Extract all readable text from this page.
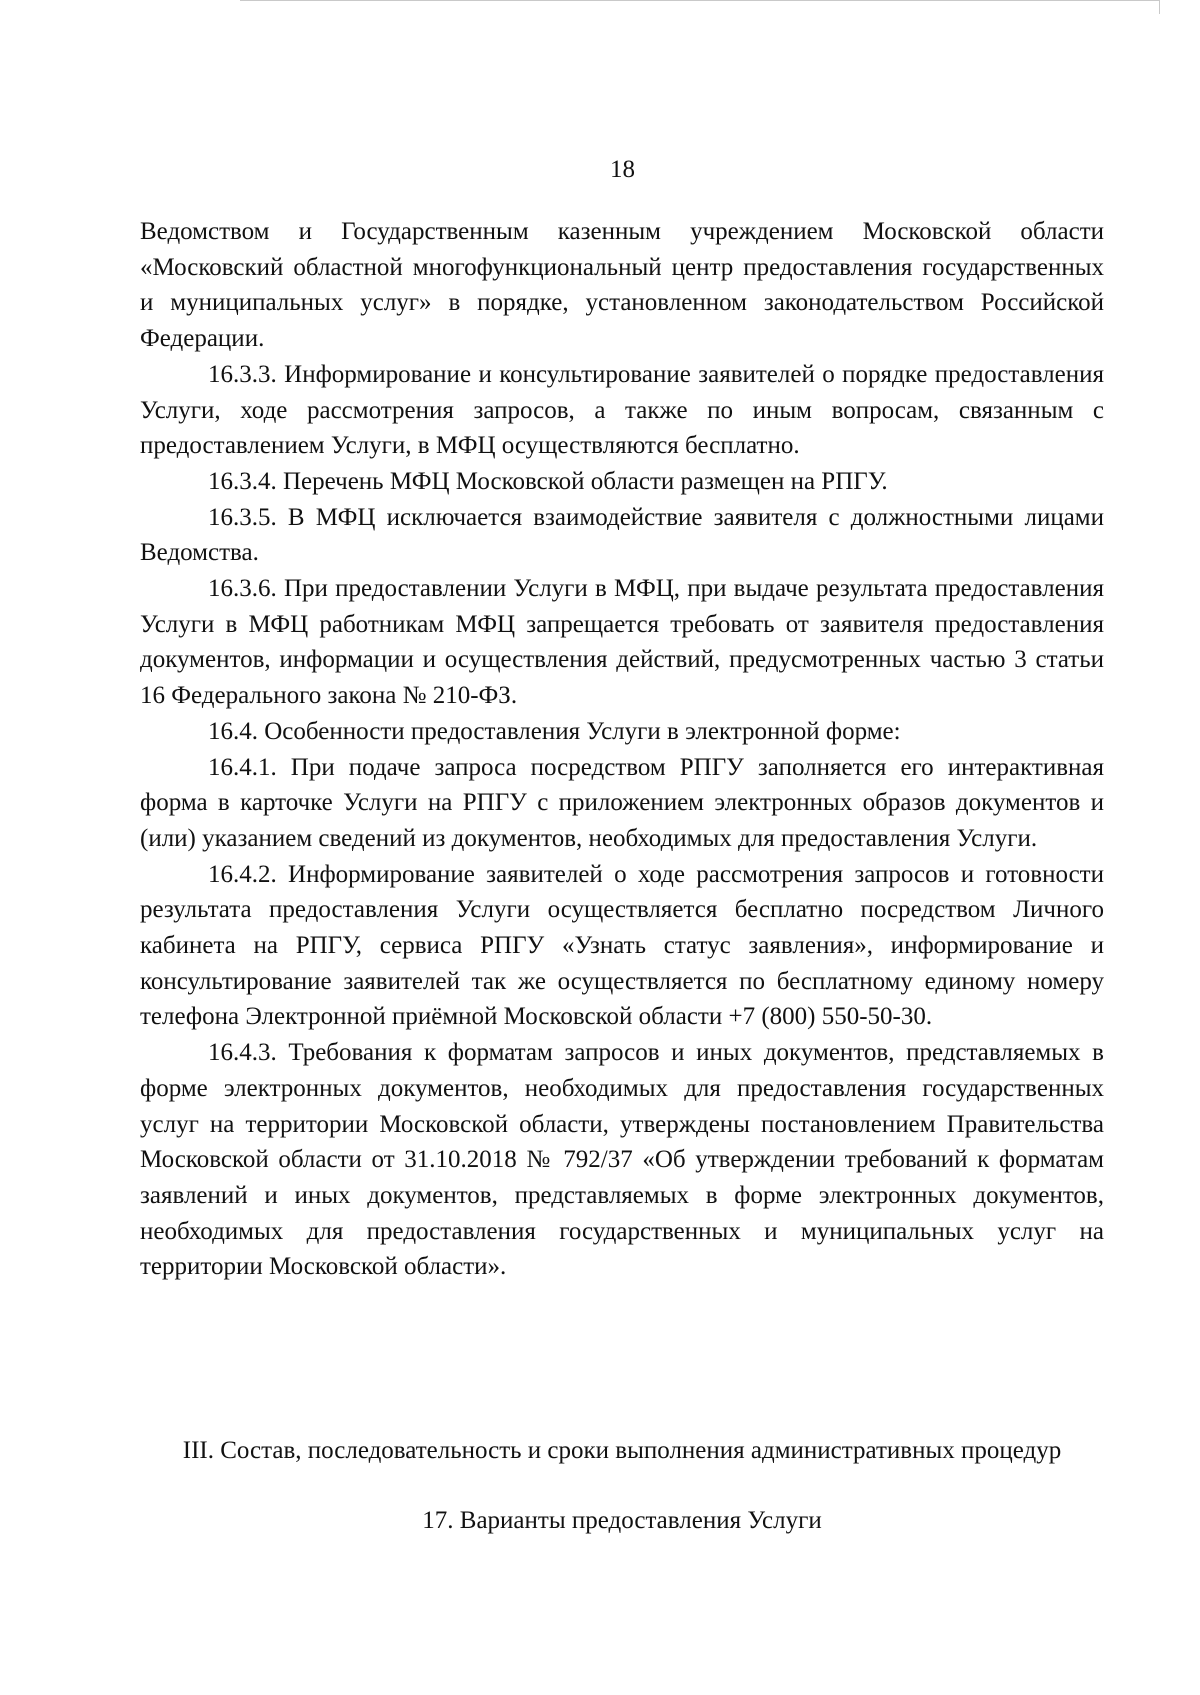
18

Ведомством и Государственным казенным учреждением Московской области «Московский областной многофункциональный центр предоставления государственных и муниципальных услуг» в порядке, установленном законодательством Российской Федерации.

16.3.3. Информирование и консультирование заявителей о порядке предоставления Услуги, ходе рассмотрения запросов, а также по иным вопросам, связанным с предоставлением Услуги, в МФЦ осуществляются бесплатно.

16.3.4. Перечень МФЦ Московской области размещен на РПГУ.

16.3.5. В МФЦ исключается взаимодействие заявителя с должностными лицами Ведомства.

16.3.6. При предоставлении Услуги в МФЦ, при выдаче результата предоставления Услуги в МФЦ работникам МФЦ запрещается требовать от заявителя предоставления документов, информации и осуществления действий, предусмотренных частью 3 статьи 16 Федерального закона № 210-ФЗ.

16.4. Особенности предоставления Услуги в электронной форме:

16.4.1. При подаче запроса посредством РПГУ заполняется его интерактивная форма в карточке Услуги на РПГУ с приложением электронных образов документов и (или) указанием сведений из документов, необходимых для предоставления Услуги.

16.4.2. Информирование заявителей о ходе рассмотрения запросов и готовности результата предоставления Услуги осуществляется бесплатно посредством Личного кабинета на РПГУ, сервиса РПГУ «Узнать статус заявления», информирование и консультирование заявителей так же осуществляется по бесплатному единому номеру телефона Электронной приёмной Московской области +7 (800) 550-50-30.

16.4.3. Требования к форматам запросов и иных документов, представляемых в форме электронных документов, необходимых для предоставления государственных услуг на территории Московской области, утверждены постановлением Правительства Московской области от 31.10.2018 № 792/37 «Об утверждении требований к форматам заявлений и иных документов, представляемых в форме электронных документов, необходимых для предоставления государственных и муниципальных услуг на территории Московской области».

III. Состав, последовательность и сроки выполнения административных процедур
17. Варианты предоставления Услуги
